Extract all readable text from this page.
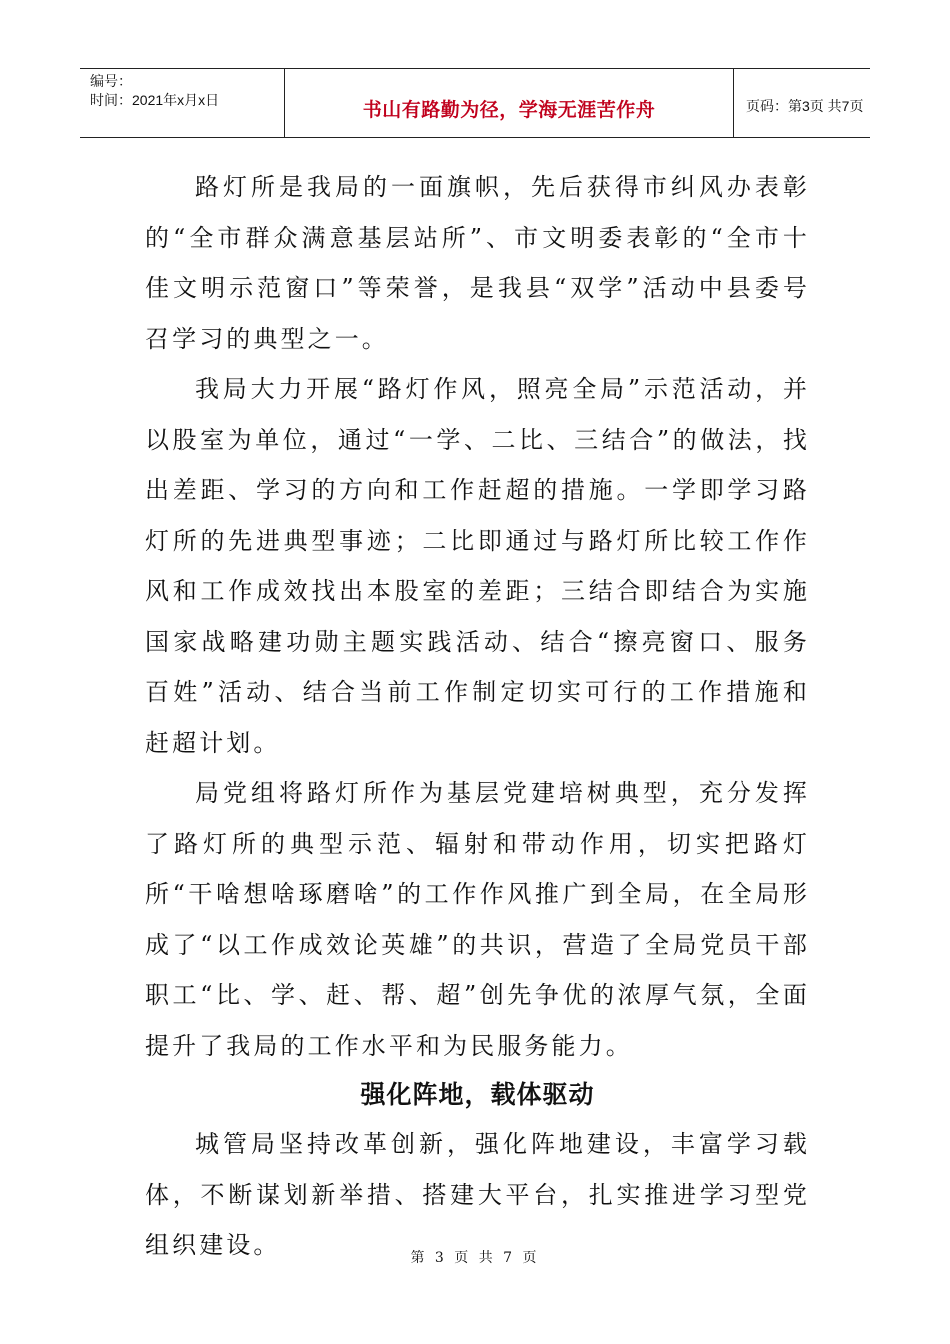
编号：
时间：2021年x月x日	书山有路勤为径，学海无涯苦作舟	页码：第3页 共7页

路灯所是我局的一面旗帜，先后获得市纠风办表彰的“全市群众满意基层站所”、市文明委表彰的“全市十佳文明示范窗口”等荣誉，是我县“双学”活动中县委号召学习的典型之一。

我局大力开展“路灯作风，照亮全局”示范活动，并以股室为单位，通过“一学、二比、三结合”的做法，找出差距、学习的方向和工作赶超的措施。一学即学习路灯所的先进典型事迹；二比即通过与路灯所比较工作作风和工作成效找出本股室的差距；三结合即结合为实施国家战略建功勋主题实践活动、结合“擦亮窗口、服务百姓”活动、结合当前工作制定切实可行的工作措施和赶超计划。

局党组将路灯所作为基层党建培树典型，充分发挥了路灯所的典型示范、辐射和带动作用，切实把路灯所“干啥想啥琢磨啥”的工作作风推广到全局，在全局形成了“以工作成效论英雄”的共识，营造了全局党员干部职工“比、学、赶、帮、超”创先争优的浓厚气氛，全面提升了我局的工作水平和为民服务能力。

强化阵地，载体驱动

城管局坚持改革创新，强化阵地建设，丰富学习载体，不断谋划新举措、搭建大平台，扎实推进学习型党组织建设。	第 3 页 共 7 页
